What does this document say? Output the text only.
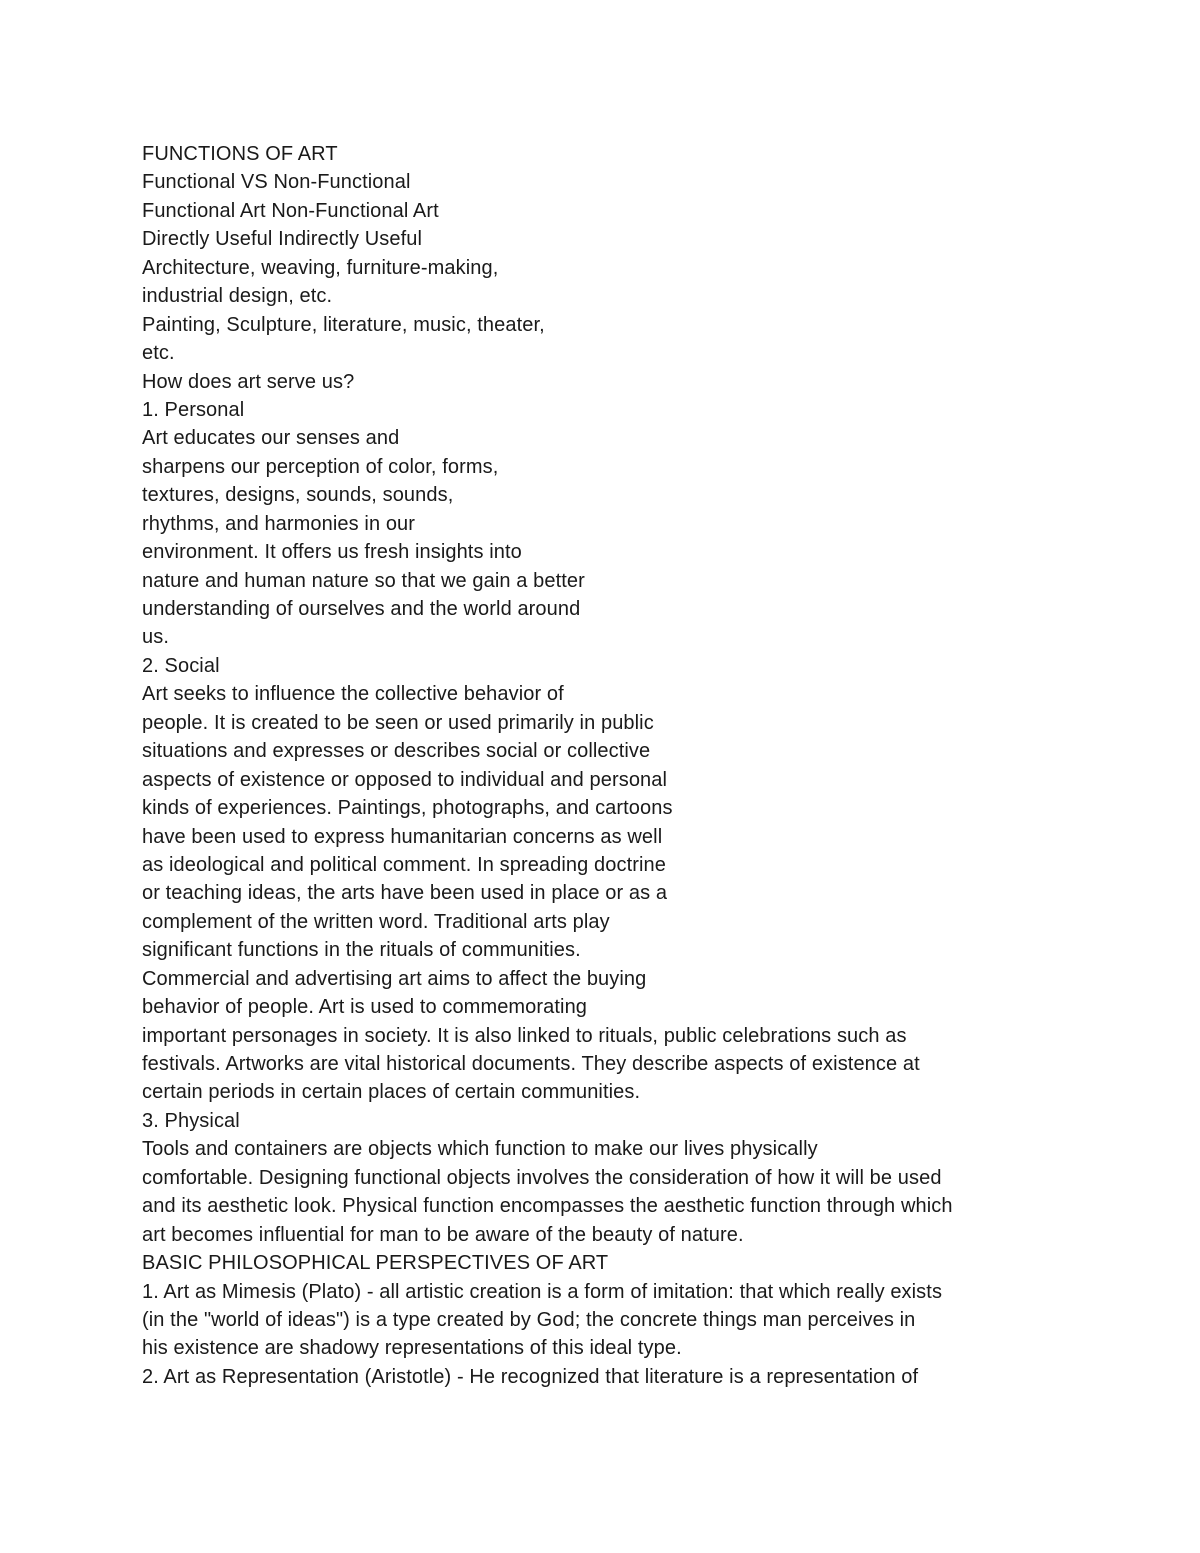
FUNCTIONS OF ART
Functional VS Non-Functional
Functional Art Non-Functional Art
Directly Useful Indirectly Useful
Architecture, weaving, furniture-making,
industrial design, etc.
Painting, Sculpture, literature, music, theater,
etc.
How does art serve us?
1. Personal
Art educates our senses and
sharpens our perception of color, forms,
textures, designs, sounds, sounds,
rhythms, and harmonies in our
environment. It offers us fresh insights into
nature and human nature so that we gain a better
understanding of ourselves and the world around
us.
2. Social
Art seeks to influence the collective behavior of
people. It is created to be seen or used primarily in public
situations and expresses or describes social or collective
aspects of existence or opposed to individual and personal
kinds of experiences. Paintings, photographs, and cartoons
have been used to express humanitarian concerns as well
as ideological and political comment. In spreading doctrine
or teaching ideas, the arts have been used in place or as a
complement of the written word. Traditional arts play
significant functions in the rituals of communities.
Commercial and advertising art aims to affect the buying
behavior of people. Art is used to commemorating
important personages in society. It is also linked to rituals, public celebrations such as
festivals. Artworks are vital historical documents. They describe aspects of existence at
certain periods in certain places of certain communities.
3. Physical
Tools and containers are objects which function to make our lives physically
comfortable. Designing functional objects involves the consideration of how it will be used
and its aesthetic look. Physical function encompasses the aesthetic function through which
art becomes influential for man to be aware of the beauty of nature.
BASIC PHILOSOPHICAL PERSPECTIVES OF ART
1. Art as Mimesis (Plato) - all artistic creation is a form of imitation: that which really exists
(in the "world of ideas") is a type created by God; the concrete things man perceives in
his existence are shadowy representations of this ideal type.
2. Art as Representation (Aristotle) - He recognized that literature is a representation of
